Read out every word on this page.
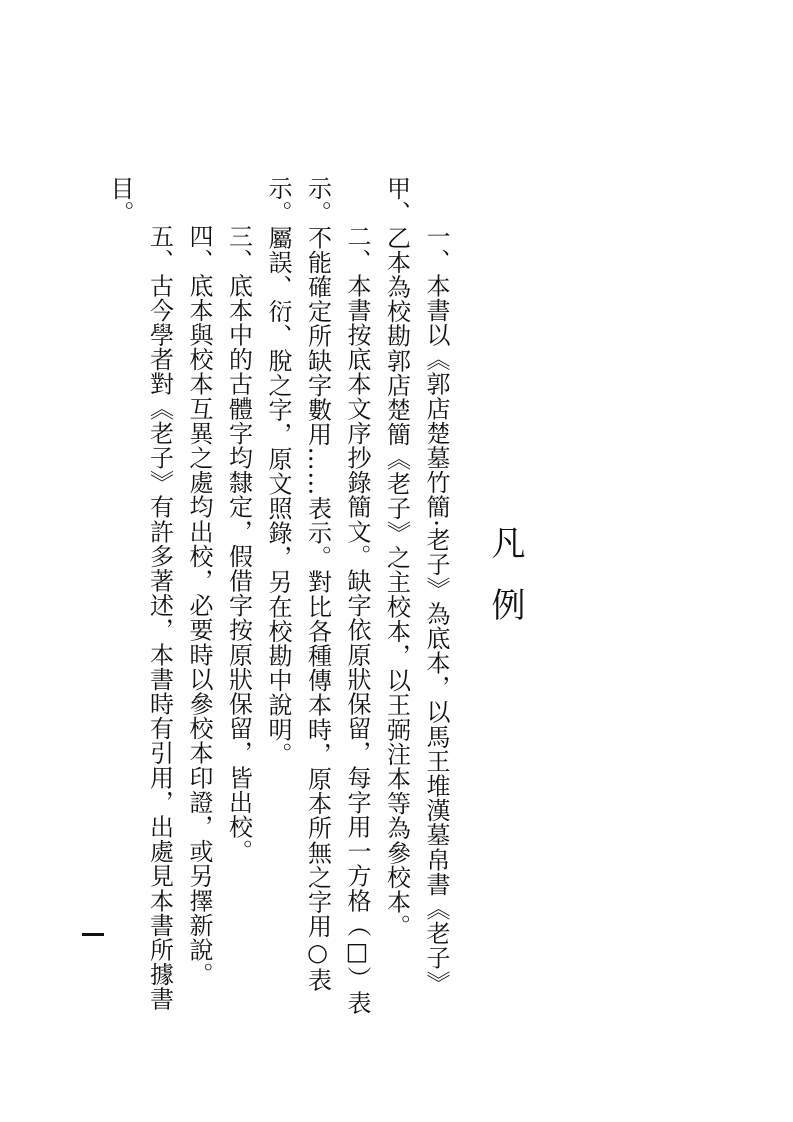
凡例

一、本書以《郭店楚墓竹簡·老子》為底本，以馬王堆漢墓帛書《老子》甲、乙本為校勘郭店楚簡《老子》之主校本，以王弼注本等為參校本。

二、本書按底本文序抄錄簡文。缺字依原狀保留，每字用一方格（□）表示。不能確定所缺字數用……表示。對比各種傳本時，原本所無之字用○表示。屬誤、衍、脫之字，原文照錄，另在校勘中說明。

三、底本中的古體字均隸定，假借字按原狀保留，皆出校。

四、底本與校本互異之處均出校，必要時以參校本印證，或另擇新說。

五、古今學者對《老子》有許多著述，本書時有引用，出處見本書所據書目。
